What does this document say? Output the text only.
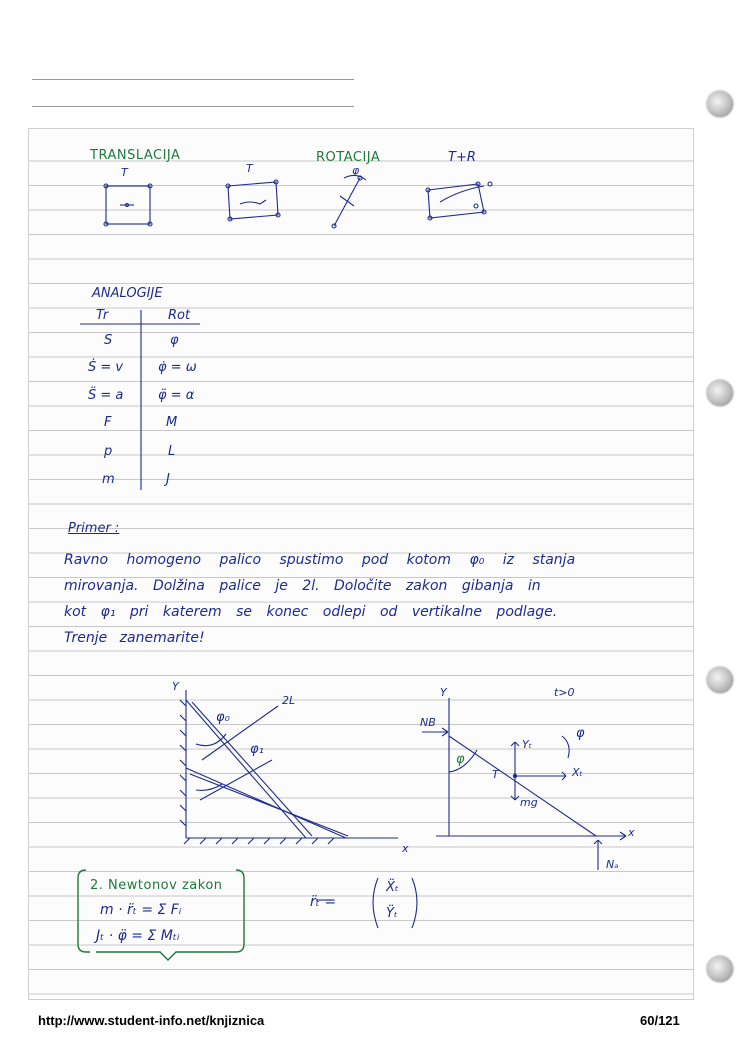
TRANSLACIJA	ROTACIJA	T+R
T	T	φ
ANALOGIJE
Tr	Rot
S	φ
Ṡ = v	φ̇ = ω
S̈ = a	φ̈ = α
F	M
p	L
m	J
Primer :
Ravno homogeno palico spustimo pod kotom φ₀ iz stanja
mirovanja. Dolžina palice je 2l. Določite zakon gibanja in
kot φ₁ pri katerem se konec odlepi od vertikalne podlage.
Trenje zanemarite!
Y
x
2L
φ₀
φ₁
Y
x
t>0
NB
φ
T
Yₜ
Xₜ
mg
Nₐ
φ
2. Newtonov zakon
m · r̈ₜ = Σ Fᵢ
Jₜ · φ̈ = Σ Mₜᵢ
r̈ₜ =
Ẍₜ
Ÿₜ
http://www.student-info.net/knjiznica	60/121
